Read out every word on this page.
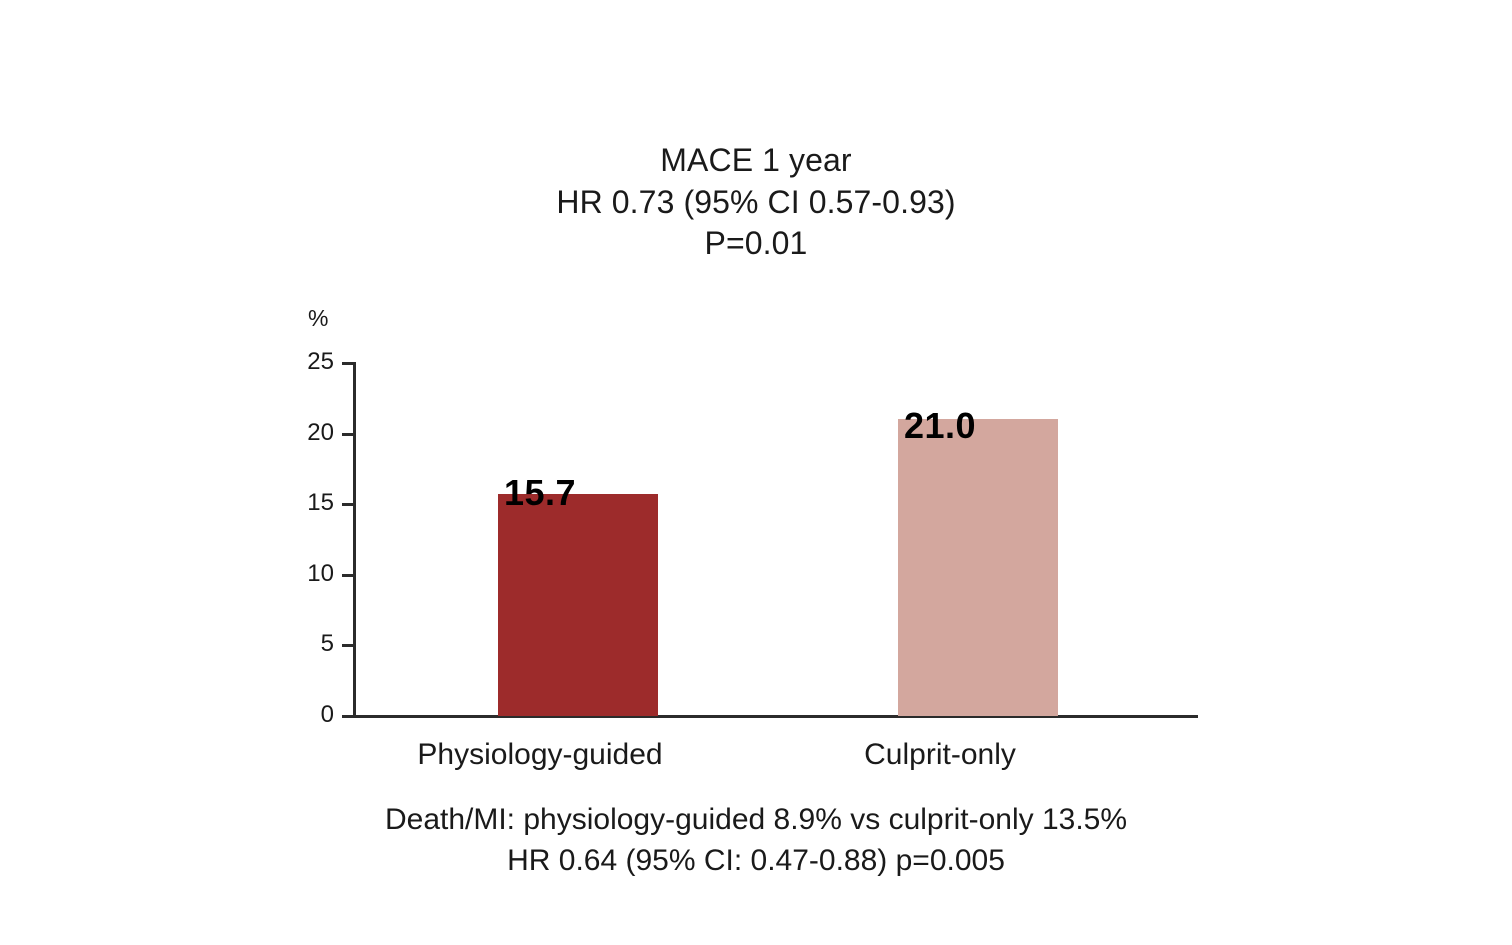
MACE 1 year
HR 0.73 (95% CI 0.57-0.93)
P=0.01
%
25
20
15
10
5
0
15.7
21.0
Physiology-guided	Culprit-only
Death/MI: physiology-guided 8.9% vs culprit-only 13.5%
HR 0.64 (95% CI: 0.47-0.88) p=0.005
